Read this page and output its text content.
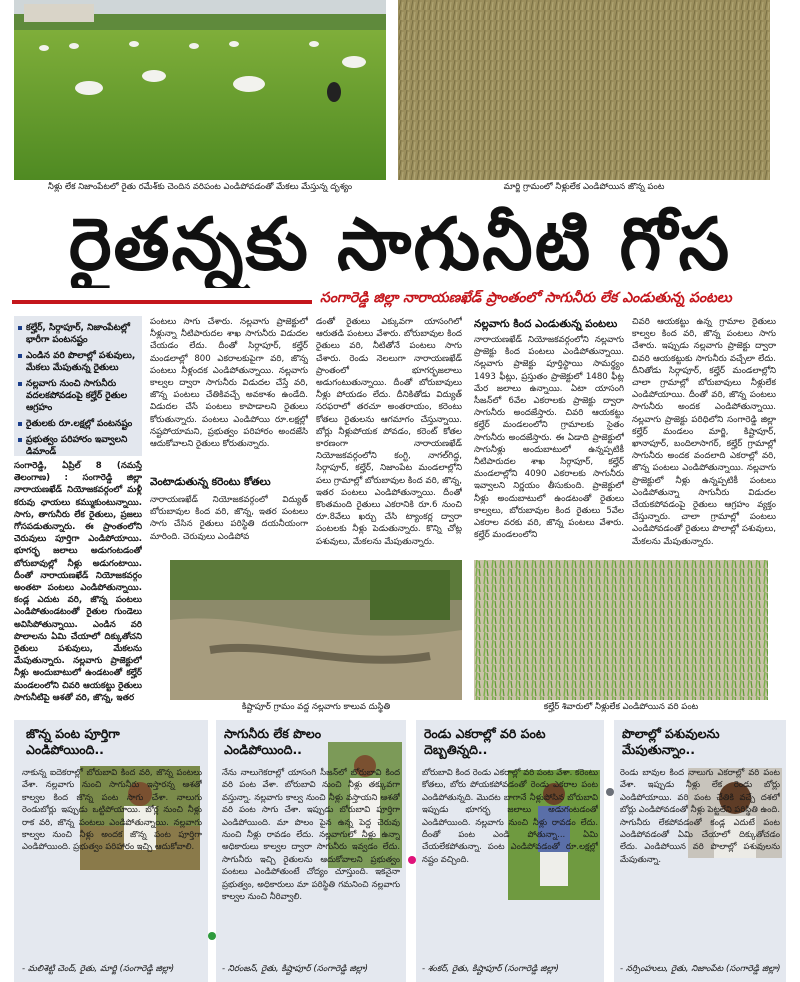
నీళ్లు లేక నిజాంపేటలో రైతు రమేశ్‌కు చెందిన వరిపంట ఎండిపోవడంతో మేకలు మేస్తున్న దృశ్యం	మార్జి గ్రామంలో నీళ్లులేక ఎండిపోయిన జొన్న పంట
రైతన్నకు సాగునీటి గోస
సంగారెడ్డి జిల్లా నారాయణఖేడ్ ప్రాంతంలో సాగునీరు లేక ఎండుతున్న పంటలు
కల్హేర్, సిర్గాపూర్, నిజాంపేటల్లో భారీగా పంటనష్టం
ఎండిన వరి పొలాల్లో పశువులు, మేకలు మేపుతున్న రైతులు
నల్లవాగు నుంచి సాగునీరు వదలకపోవడంపై కల్హేర్ రైతుల ఆగ్రహం
రైతులకు రూ.లక్షల్లో పంటనష్టం
ప్రభుత్వం పరిహారం ఇవ్వాలని డిమాండ్
సంగారెడ్డి, ఏప్రిల్ 8 (నమస్తే తెలంగాణ) : సంగారెడ్డి జిల్లా నారాయణఖేడ్ నియోజకవర్గంలో మళ్లీ కరువు ఛాయలు కమ్ముకుంటున్నాయి. సాగు, తాగునీరు లేక రైతులు, ప్రజలు గోసపడుతున్నారు. ఈ ప్రాంతంలోని చెరువులు పూర్తిగా ఎండిపోయాయి. భూగర్భ జలాలు అడుగంటడంతో బోరుబావుల్లో నీళ్లు అడుగంటాయి. దీంతో నారాయణఖేడ్ నియోజకవర్గం అంతటా పంటలు ఎండిపోతున్నాయి. కండ్ల ఎదుట వరి, జొన్న పంటలు ఎండిపోతుండటంతో రైతుల గుండెలు అవిసిపోతున్నాయి. ఎండిన వరి పొలాలను ఏమి చేయాలో దిక్కుతోచని రైతులు పశువులు, మేకలను మేపుతున్నారు. నల్లవాగు ప్రాజెక్టులో నీళ్లు అందుబాటులో ఉండటంతో కల్హేర్ మండలంలోని చివరి ఆయకట్టు రైతులు సాగునీటిపై ఆశతో వరి, జొన్న, ఇతర
పంటలు సాగు చేశారు. నల్లవాగు ప్రాజెక్టులో నీళ్లున్నా నీటిపారుదల శాఖ సాగునీరు విడుదల చేయడం లేదు. దీంతో సిర్గాపూర్, కల్హేర్ మండలాల్లో 800 ఎకరాలకుపైగా వరి, జొన్న పంటలు నీళ్లందక ఎండిపోతున్నాయి. నల్లవాగు కాల్వల ద్వారా సాగునీరు విడుదల చేస్తే వరి, జొన్న పంటలు చేతికివచ్చే అవకాశం ఉండేది. విడుదల చేసే పంటలు కాపాడాలని రైతులు కోరుతున్నారు. పంటలు ఎండిపోయి రూ.లక్షల్లో నష్టపోయామని, ప్రభుత్వం పరిహారం అందజేసి ఆదుకోవాలని రైతులు కోరుతున్నారు.
వెంటాడుతున్న కరెంటు కోతలు
నారాయణఖేడ్ నియోజకవర్గంలో విద్యుత్ బోరుబావుల కింద వరి, జొన్న, ఇతర పంటలు సాగు చేసిన రైతులు పరిస్థితి దయనీయంగా మారింది. చెరువులు ఎండిపోవ
డంతో రైతులు ఎక్కువగా యాసంగిలో ఆరుతడి పంటలు వేశారు. బోరుబావుల కింద రైతులు వరి, నీటితోనే పంటలు సాగు చేశారు. రెండు నెలలుగా నారాయణఖేడ్ ప్రాంతంలో భూగర్భజలాలు అడుగంటుతున్నాయి. దీంతో బోరుబావులు నీళ్లు పోయడం లేదు. దీనికితోడు విద్యుత్ సరఫరాలో తరచూ అంతరాయం, కరెంటు కోతలు రైతులను ఆగమాగం చేస్తున్నాయి. బోర్లు నీళ్లుపోయక పోవడం, కరెంట్ కోతల కారణంగా నారాయణఖేడ్ నియోజకవర్గంలోని కంగ్టి, నాగల్‌గిద్ద, సిర్గాపూర్, కల్హేర్, నిజాంపేట మండలాల్లోని పలు గ్రామాల్లో బోరుబావుల కింద వరి, జొన్న, ఇతర పంటలు ఎండిపోతున్నాయి. దీంతో కొంతమంది రైతులు ఎకరానికి రూ.6 నుంచి రూ.8వేలు ఖర్చు చేసి ట్యాంకర్ల ద్వారా పంటలకు నీళ్లు పెడుతున్నారు. కొన్ని చోట్ల పశువులు, మేకలను మేపుతున్నారు.
నల్లవాగు కింద ఎండుతున్న పంటలు
నారాయణఖేడ్ నియోజకవర్గంలోని నల్లవాగు ప్రాజెక్టు కింద పంటలు ఎండిపోతున్నాయి. నల్లవాగు ప్రాజెక్టు పూర్తిస్థాయి సామర్థ్యం 1493 ఫీట్లు, ప్రస్తుతం ప్రాజెక్టులో 1480 ఫీట్ల మేర జలాలు ఉన్నాయి. ఏటా యాసంగి సీజన్‌లో 6వేల ఎకరాలకు ప్రాజెక్టు ద్వారా సాగునీరు అందజేస్తారు. చివరి ఆయకట్టు కల్హేర్ మండలంలోని గ్రామాలకు సైతం సాగునీరు అందజేస్తారు. ఈ ఏడాది ప్రాజెక్టులో సాగునీళ్లు అందుబాటులో ఉన్నప్పటికీ నీటిపారుదల శాఖ సిర్గాపూర్, కల్హేర్ మండలాల్లోని 4090 ఎకరాలకు సాగునీరు ఇవ్వాలని నిర్ణయం తీసుకుంది. ప్రాజెక్టులో నీళ్లు అందుబాటులో ఉండటంతో రైతులు కాల్వలు, బోరుబావుల కింద రైతులు 5వేల ఎకరాల వరకు వరి, జొన్న పంటలు వేశారు. కల్హేర్ మండలంలోని
చివరి ఆయకట్టు ఉన్న గ్రామాల రైతులు కాల్వల కింద వరి, జొన్న పంటలు సాగు చేశారు. ఇప్పుడు నల్లవాగు ప్రాజెక్టు ద్వారా చివరి ఆయకట్టుకు సాగునీరు వచ్చేలా లేదు. దీనితోడు సిర్గాపూర్, కల్హేర్ మండలాల్లోని చాలా గ్రామాల్లో బోరుబావులు నీళ్లులేక ఎండిపోయాయి. దీంతో వరి, జొన్న పంటలు సాగునీరు అందక ఎండిపోతున్నాయి. నల్లవాగు ప్రాజెక్టు పరిధిలోని సంగారెడ్డి జిల్లా కల్హేర్ మండలం మార్జి, కిష్టాపూర్, ఖానాపూర్, బందిలాసాగర్, కల్హేర్ గ్రామాల్లో సాగునీరు అందక వందలాది ఎకరాల్లో వరి, జొన్న పంటలు ఎండిపోతున్నాయి. నల్లవాగు ప్రాజెక్టులో నీళ్లు ఉన్నప్పటికీ పంటలు ఎండిపోతున్నా సాగునీరు విడుదల చేయకపోవడంపై రైతులు ఆగ్రహం వ్యక్తం చేస్తున్నారు. చాలా గ్రామాల్లో పంటలు ఎండిపోవడంతో రైతులు పొలాల్లో పశువులు, మేకలను మేపుతున్నారు.
కిష్టాపూర్ గ్రామం వద్ద నల్లవాగు కాలువ దుస్థితి	కల్హేర్ శివారులో నీళ్లులేక ఎండిపోయిన వరి పంట
జొన్న పంట పూర్తిగా ఎండిపోయింది..
నాకున్న ఐదెకరాల్లో బోరుబావి కింద వరి, జొన్న పంటలు వేశా. నల్లవాగు నుంచి సాగునీరు ఇస్తారన్న ఆశతో కాల్వల కింద జొన్న పంట సాగు చేశా. నాలుగు రెండుబోర్లు ఇప్పుడు ఒట్టిపోయాయి. బోర్ల నుంచి నీళ్లు రాక వరి, జొన్న పంటలు ఎండిపోతున్నాయి. నల్లవాగు కాల్వల నుంచి నీళ్లు అందక జొన్న పంట పూర్తిగా ఎండిపోయింది. ప్రభుత్వం పరిహారం ఇచ్చి ఆదుకోవాలి.
- మలిశెట్టి చెంద్, రైతు, మార్జి (సంగారెడ్డి జిల్లా)
సాగునీరు లేక పొలం ఎండిపోయింది..
నేను నాలుగెకరాల్లో యాసంగి సీజన్‌లో బోరుబావి కింద వరి పంట వేశా. బోరుబావి నుంచి నీళ్లు తక్కువగా వస్తున్నా. నల్లవాగు కాల్వ నుంచి నీళ్లు వస్తాయని ఆశతో వరి పంట సాగు చేశా. ఇప్పుడు బోరుబావి పూర్తిగా ఎండిపోయింది. మా పొలం పైన ఉన్న పెద్ద చెరువు నుంచి నీళ్లు రావడం లేదు. నల్లవాగులో నీళ్లు ఉన్నా అధికారులు కాల్వల ద్వారా సాగునీరు ఇవ్వడం లేదు. సాగునీరు ఇచ్చి రైతులను ఆదుకోవాలని ప్రభుత్వం పంటలు ఎండిపోతుంటే చోద్యం చూస్తుంది. ఇకనైనా ప్రభుత్వం, అధికారులు మా పరిస్థితి గమనించి నల్లవాగు కాల్వల నుంచి నీరివ్వాలి.
- నిరంజన్, రైతు, కిష్టాపూర్ (సంగారెడ్డి జిల్లా)
రెండు ఎకరాల్లో వరి పంట దెబ్బతిన్నది..
బోరుబావి కింద రెండు ఎకరాల్లో వరి పంట వేశా. కరెంటు కోతలు, బోరు పోయకపోవడంతో రెండు ఎకరాల పంట ఎండిపోతున్నది. మొదట బాగానే నీళ్లుపోసిన బోరుబావి ఇప్పుడు భూగర్భ జలాలు అడుగంటడంతో ఎండిపోయింది. నల్లవాగు నుంచి నీళ్లు రావడం లేదు. దీంతో పంట ఎండి పోతున్నా... ఏమి చేయలేకపోతున్నా. పంట ఎండిపోవడంతో రూ.లక్షల్లో నష్టం వచ్చింది.
- శంకర్, రైతు, కిష్టాపూర్ (సంగారెడ్డి జిల్లా)
పొలాల్లో పశువులను మేపుతున్నాం..
రెండు బావుల కింద నాలుగు ఎకరాల్లో వరి పంట వేశా. ఇప్పుడు నీళ్లు లేక రెండు బోర్లు ఎండిపోయాయి. వరి పంట చేతికి వచ్చే దశలో బోర్లు ఎండిపోవడంతో నీళ్లు పెట్టలేని పరిస్థితి ఉంది. సాగునీరు లేకపోవడంతో కండ్ల ఎదుటే పంట ఎండిపోవడంతో ఏమి చేయాలో దిక్కుతోచడం లేదు. ఎండిపోయిన వరి పొలాల్లో పశువులను మేపుతున్నా.
- నర్సింహులు, రైతు, నిజాంపేట (సంగారెడ్డి జిల్లా)
